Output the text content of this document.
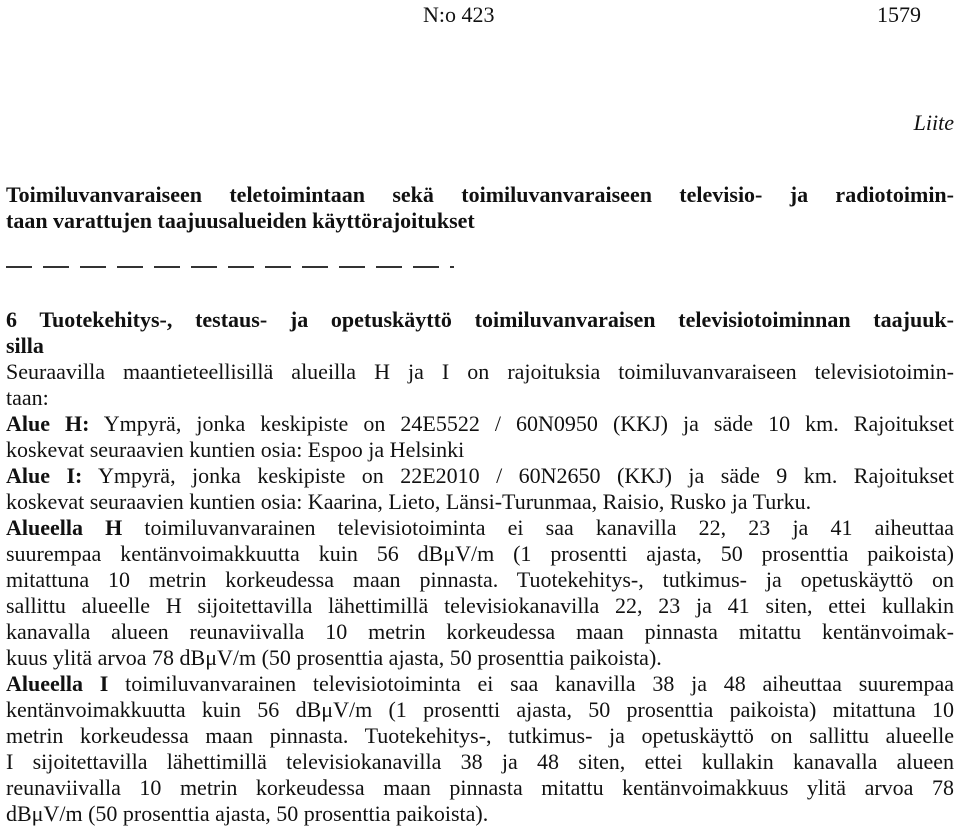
N:o 423	1579
Liite
Toimiluvanvaraiseen teletoimintaan sekä toimiluvanvaraiseen televisio- ja radiotoimin-
taan varattujen taajuusalueiden käyttörajoitukset

6 Tuotekehitys-, testaus- ja opetuskäyttö toimiluvanvaraisen televisiotoiminnan taajuuk-
silla

Seuraavilla maantieteellisillä alueilla H ja I on rajoituksia toimiluvanvaraiseen televisiotoimin-
taan:

Alue H: Ympyrä, jonka keskipiste on 24E5522 / 60N0950 (KKJ) ja säde 10 km. Rajoitukset
koskevat seuraavien kuntien osia: Espoo ja Helsinki

Alue I: Ympyrä, jonka keskipiste on 22E2010 / 60N2650 (KKJ) ja säde 9 km. Rajoitukset
koskevat seuraavien kuntien osia: Kaarina, Lieto, Länsi-Turunmaa, Raisio, Rusko ja Turku.

Alueella H toimiluvanvarainen televisiotoiminta ei saa kanavilla 22, 23 ja 41 aiheuttaa
suurempaa kentänvoimakkuutta kuin 56 dBμV/m (1 prosentti ajasta, 50 prosenttia paikoista)
mitattuna 10 metrin korkeudessa maan pinnasta. Tuotekehitys-, tutkimus- ja opetuskäyttö on
sallittu alueelle H sijoitettavilla lähettimillä televisiokanavilla 22, 23 ja 41 siten, ettei kullakin
kanavalla alueen reunaviivalla 10 metrin korkeudessa maan pinnasta mitattu kentänvoimak-
kuus ylitä arvoa 78 dBμV/m (50 prosenttia ajasta, 50 prosenttia paikoista).

Alueella I toimiluvanvarainen televisiotoiminta ei saa kanavilla 38 ja 48 aiheuttaa suurempaa
kentänvoimakkuutta kuin 56 dBμV/m (1 prosentti ajasta, 50 prosenttia paikoista) mitattuna 10
metrin korkeudessa maan pinnasta. Tuotekehitys-, tutkimus- ja opetuskäyttö on sallittu alueelle
I sijoitettavilla lähettimillä televisiokanavilla 38 ja 48 siten, ettei kullakin kanavalla alueen
reunaviivalla 10 metrin korkeudessa maan pinnasta mitattu kentänvoimakkuus ylitä arvoa 78
dBμV/m (50 prosenttia ajasta, 50 prosenttia paikoista).
